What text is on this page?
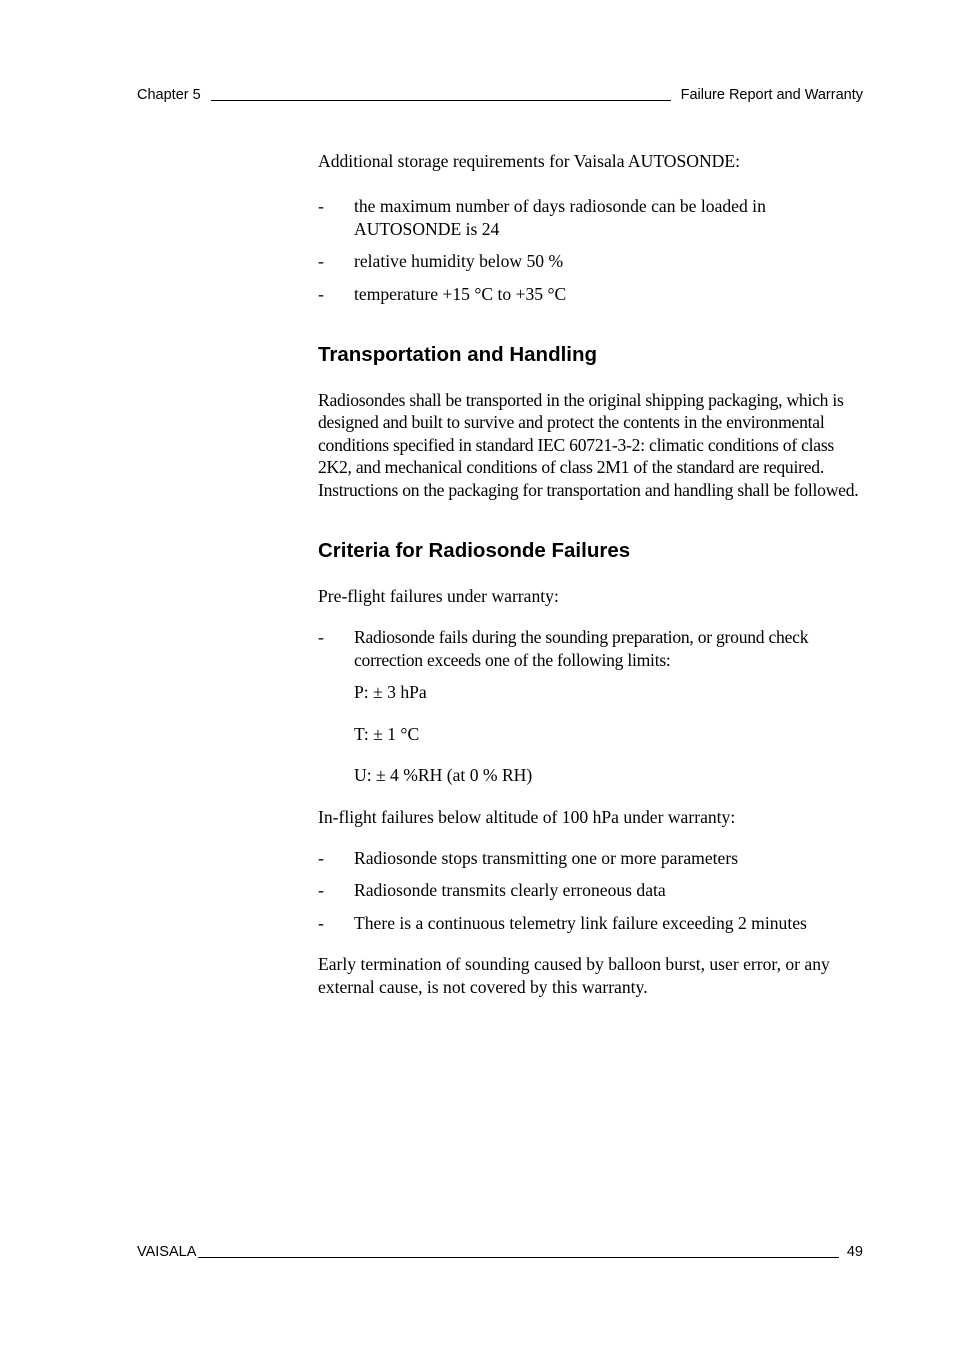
Chapter 5	Failure Report and Warranty

Additional storage requirements for Vaisala AUTOSONDE:

- the maximum number of days radiosonde can be loaded in AUTOSONDE is 24
- relative humidity below 50 %
- temperature +15 °C to +35 °C
Transportation and Handling

Radiosondes shall be transported in the original shipping packaging, which is designed and built to survive and protect the contents in the environmental conditions specified in standard IEC 60721-3-2: climatic conditions of class 2K2, and mechanical conditions of class 2M1 of the standard are required. Instructions on the packaging for transportation and handling shall be followed.

Criteria for Radiosonde Failures

Pre-flight failures under warranty:

- Radiosonde fails during the sounding preparation, or ground check correction exceeds one of the following limits:

P: ± 3 hPa

T: ± 1 °C

U: ± 4 %RH (at 0 % RH)

In-flight failures below altitude of 100 hPa under warranty:

- Radiosonde stops transmitting one or more parameters
- Radiosonde transmits clearly erroneous data
- There is a continuous telemetry link failure exceeding 2 minutes

Early termination of sounding caused by balloon burst, user error, or any external cause, is not covered by this warranty.

VAISALA	49
